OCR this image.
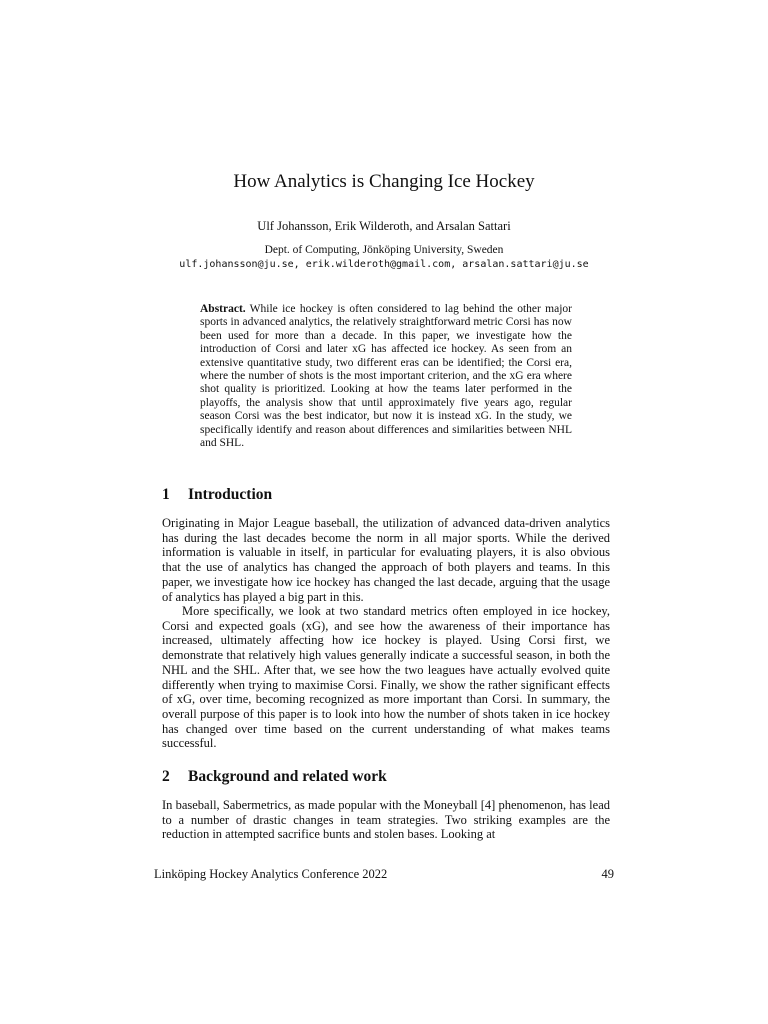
How Analytics is Changing Ice Hockey
Ulf Johansson, Erik Wilderoth, and Arsalan Sattari
Dept. of Computing, Jönköping University, Sweden
ulf.johansson@ju.se, erik.wilderoth@gmail.com, arsalan.sattari@ju.se
Abstract. While ice hockey is often considered to lag behind the other major sports in advanced analytics, the relatively straightforward metric Corsi has now been used for more than a decade. In this paper, we investigate how the introduction of Corsi and later xG has affected ice hockey. As seen from an extensive quantitative study, two different eras can be identified; the Corsi era, where the number of shots is the most important criterion, and the xG era where shot quality is prioritized. Looking at how the teams later performed in the playoffs, the analysis show that until approximately five years ago, regular season Corsi was the best indicator, but now it is instead xG. In the study, we specifically identify and reason about differences and similarities between NHL and SHL.
1 Introduction
Originating in Major League baseball, the utilization of advanced data-driven analytics has during the last decades become the norm in all major sports. While the derived information is valuable in itself, in particular for evaluating players, it is also obvious that the use of analytics has changed the approach of both players and teams. In this paper, we investigate how ice hockey has changed the last decade, arguing that the usage of analytics has played a big part in this.
More specifically, we look at two standard metrics often employed in ice hockey, Corsi and expected goals (xG), and see how the awareness of their importance has increased, ultimately affecting how ice hockey is played. Using Corsi first, we demonstrate that relatively high values generally indicate a successful season, in both the NHL and the SHL. After that, we see how the two leagues have actually evolved quite differently when trying to maximise Corsi. Finally, we show the rather significant effects of xG, over time, becoming recognized as more important than Corsi. In summary, the overall purpose of this paper is to look into how the number of shots taken in ice hockey has changed over time based on the current understanding of what makes teams successful.
2 Background and related work
In baseball, Sabermetrics, as made popular with the Moneyball [4] phenomenon, has lead to a number of drastic changes in team strategies. Two striking examples are the reduction in attempted sacrifice bunts and stolen bases. Looking at
Linköping Hockey Analytics Conference 2022	49
